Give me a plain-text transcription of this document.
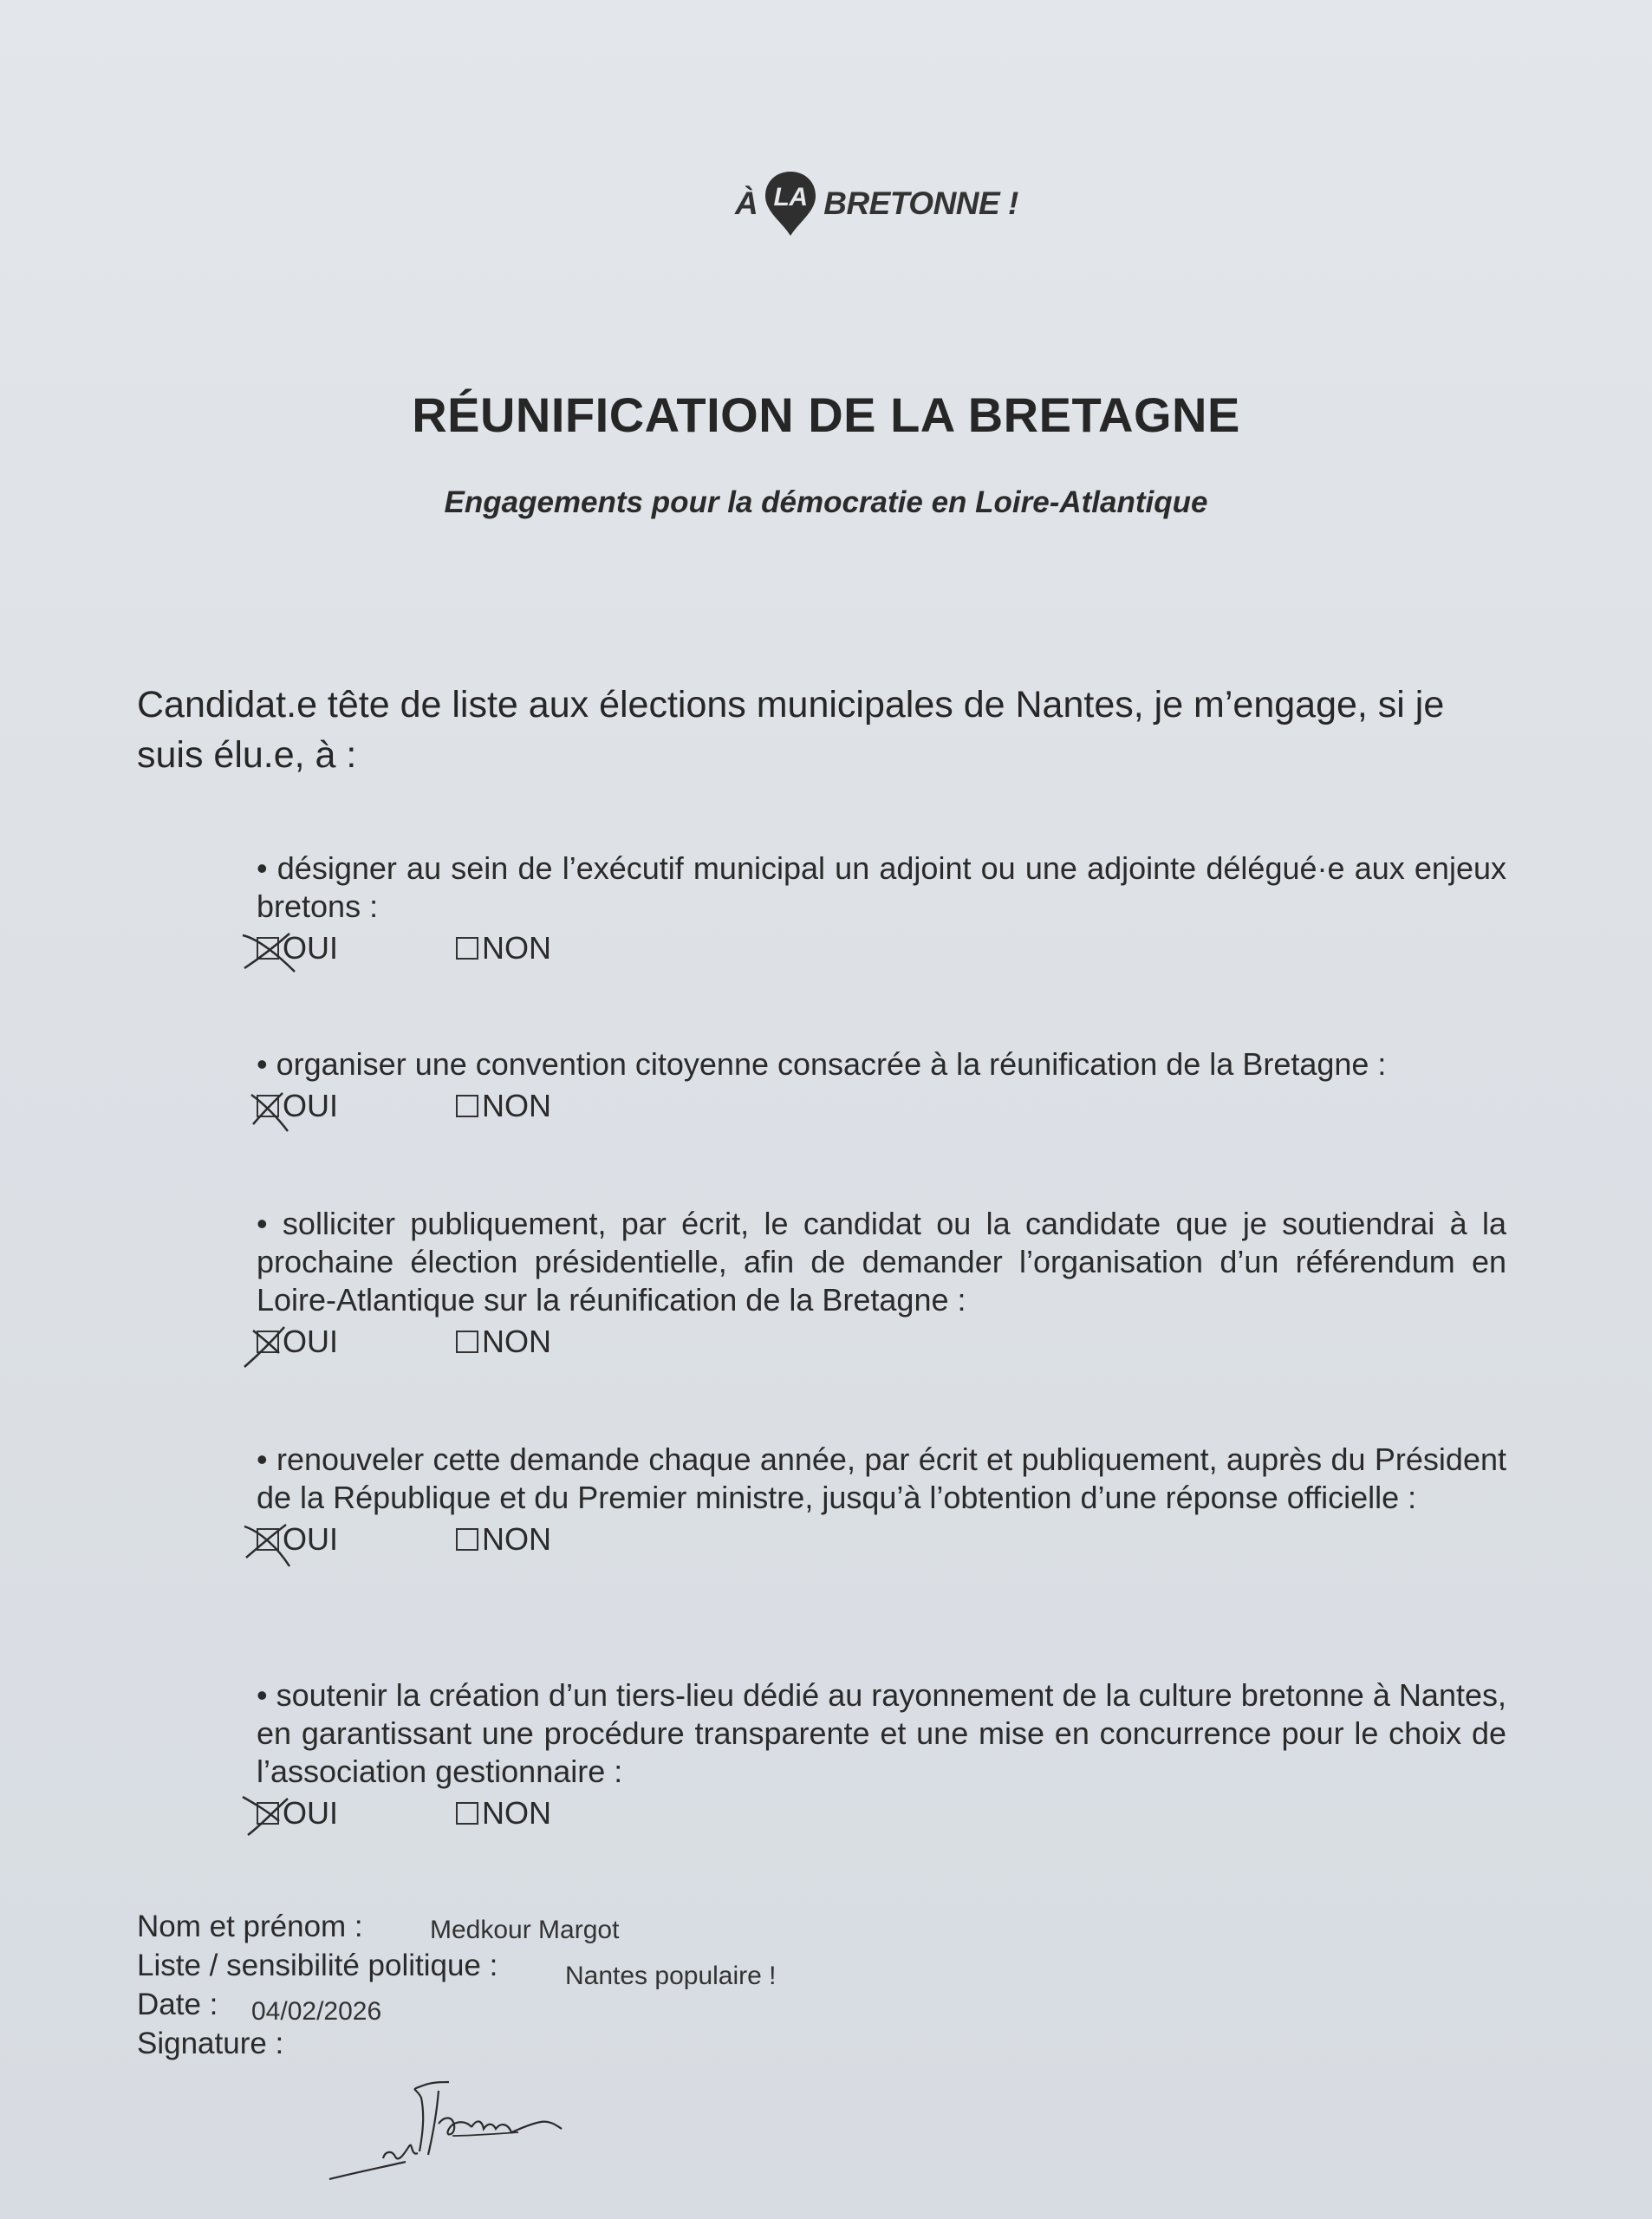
À LA BRETONNE !
RÉUNIFICATION DE LA BRETAGNE
Engagements pour la démocratie en Loire-Atlantique
Candidat.e tête de liste aux élections municipales de Nantes, je m’engage, si je suis élu.e, à :
• désigner au sein de l’exécutif municipal un adjoint ou une adjointe délégué·e aux enjeux bretons :
OUI	NON
• organiser une convention citoyenne consacrée à la réunification de la Bretagne :
OUI	NON
• solliciter publiquement, par écrit, le candidat ou la candidate que je soutiendrai à la prochaine élection présidentielle, afin de demander l’organisation d’un référendum en Loire-Atlantique sur la réunification de la Bretagne :
OUI	NON
• renouveler cette demande chaque année, par écrit et publiquement, auprès du Président de la République et du Premier ministre, jusqu’à l’obtention d’une réponse officielle :
OUI	NON
• soutenir la création d’un tiers-lieu dédié au rayonnement de la culture bretonne à Nantes, en garantissant une procédure transparente et une mise en concurrence pour le choix de l’association gestionnaire :
OUI	NON
Nom et prénom :	Medkour Margot
Liste / sensibilité politique :	Nantes populaire !
Date : 04/02/2026
Signature :
